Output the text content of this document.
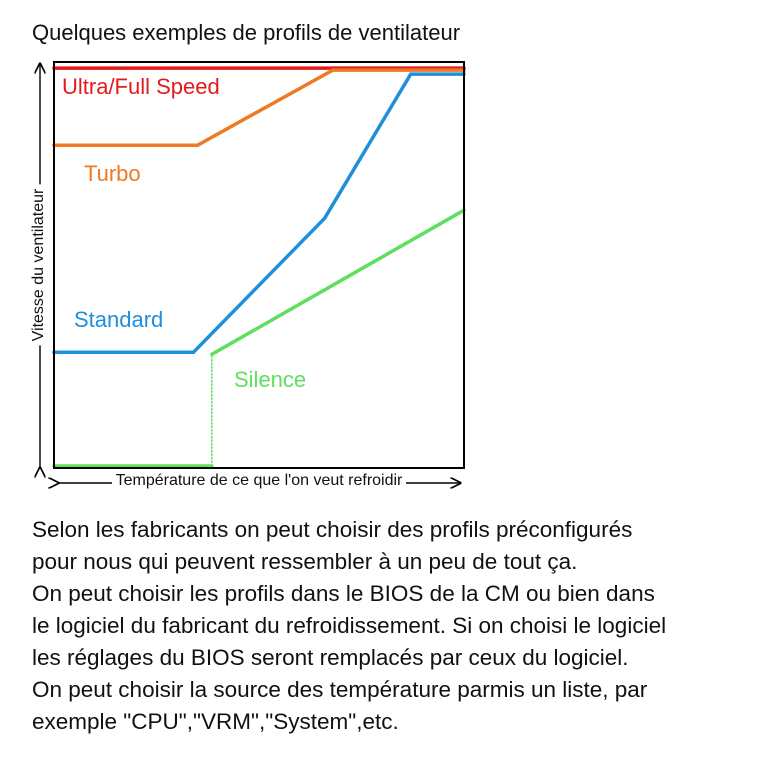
Quelques exemples de profils de ventilateur
Ultra/Full Speed
Turbo
Standard
Silence
Vitesse du ventilateur
Température de ce que l'on veut refroidir

Selon les fabricants on peut choisir des profils préconfigurés

pour nous qui peuvent ressembler à un peu de tout ça.

On peut choisir les profils dans le BIOS de la CM ou bien dans

le logiciel du fabricant du refroidissement. Si on choisi le logiciel

les réglages du BIOS seront remplacés par ceux du logiciel.

On peut choisir la source des température parmis un liste, par

exemple "CPU","VRM","System",etc.
